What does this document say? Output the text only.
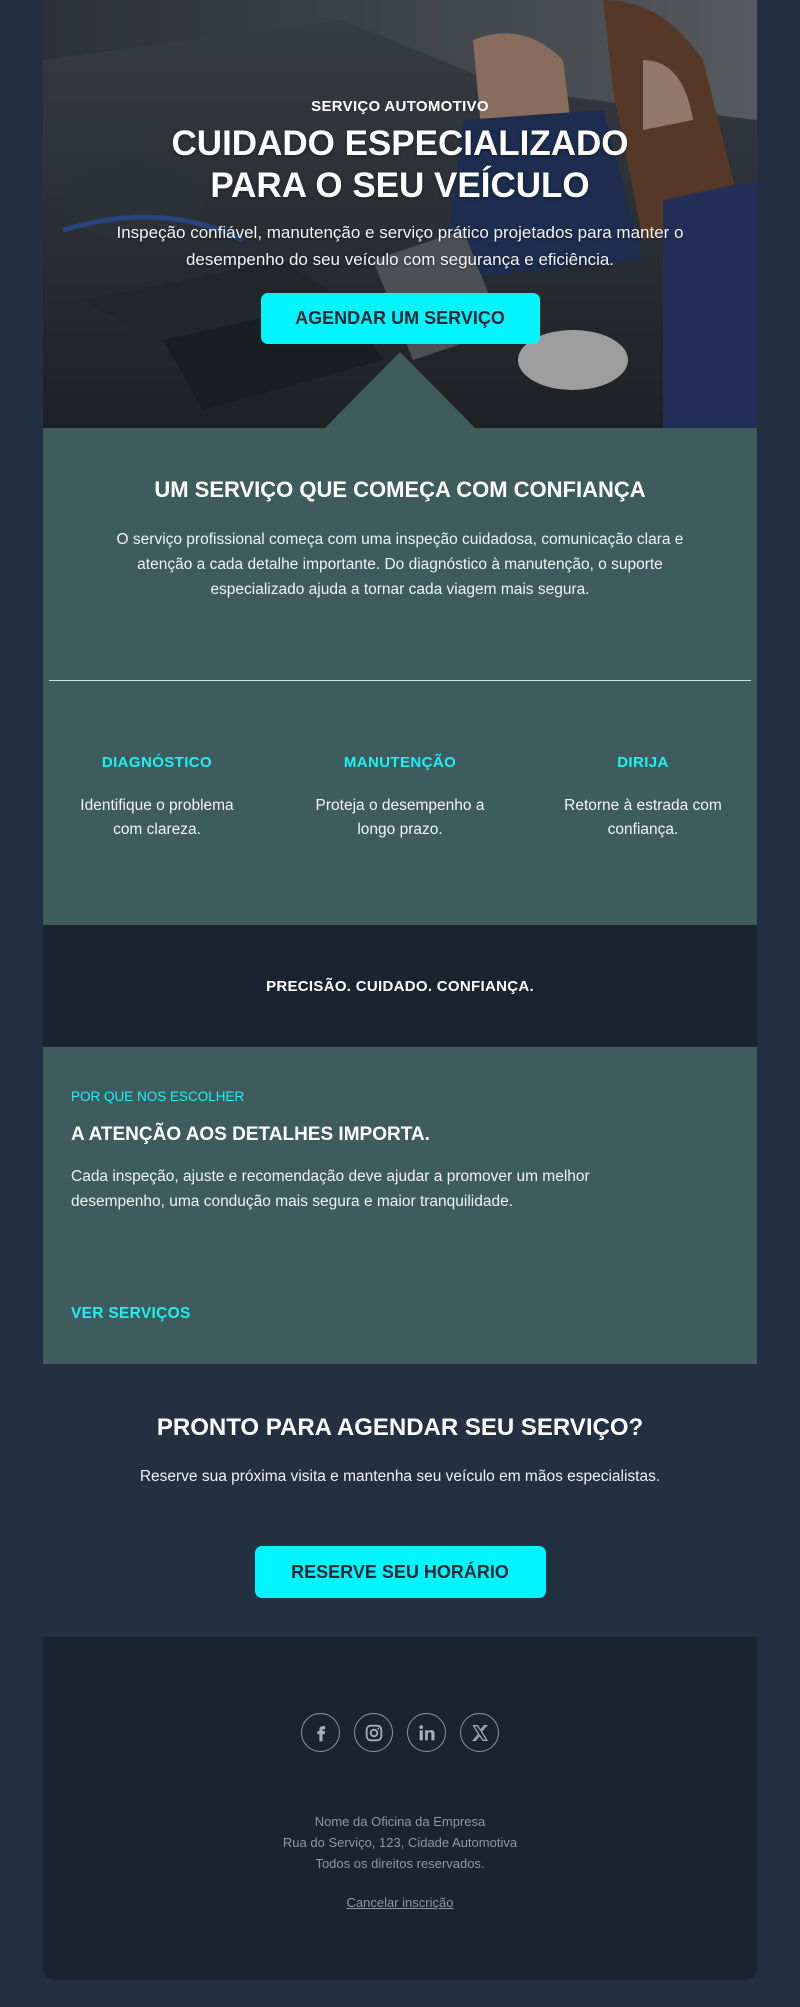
SERVIÇO AUTOMOTIVO
CUIDADO ESPECIALIZADO
PARA O SEU VEÍCULO
Inspeção confiável, manutenção e serviço prático projetados para manter o desempenho do seu veículo com segurança e eficiência.
AGENDAR UM SERVIÇO
UM SERVIÇO QUE COMEÇA COM CONFIANÇA

O serviço profissional começa com uma inspeção cuidadosa, comunicação clara e atenção a cada detalhe importante. Do diagnóstico à manutenção, o suporte especializado ajuda a tornar cada viagem mais segura.

DIAGNÓSTICO
Identifique o problema com clareza.
MANUTENÇÃO
Proteja o desempenho a longo prazo.
DIRIJA
Retorne à estrada com confiança.
PRECISÃO. CUIDADO. CONFIANÇA.
POR QUE NOS ESCOLHER
A ATENÇÃO AOS DETALHES IMPORTA.

Cada inspeção, ajuste e recomendação deve ajudar a promover um melhor desempenho, uma condução mais segura e maior tranquilidade.

VER SERVIÇOS
PRONTO PARA AGENDAR SEU SERVIÇO?

Reserve sua próxima visita e mantenha seu veículo em mãos especialistas.

RESERVE SEU HORÁRIO
Nome da Oficina da Empresa
Rua do Serviço, 123, Cidade Automotiva
Todos os direitos reservados.
Cancelar inscrição
